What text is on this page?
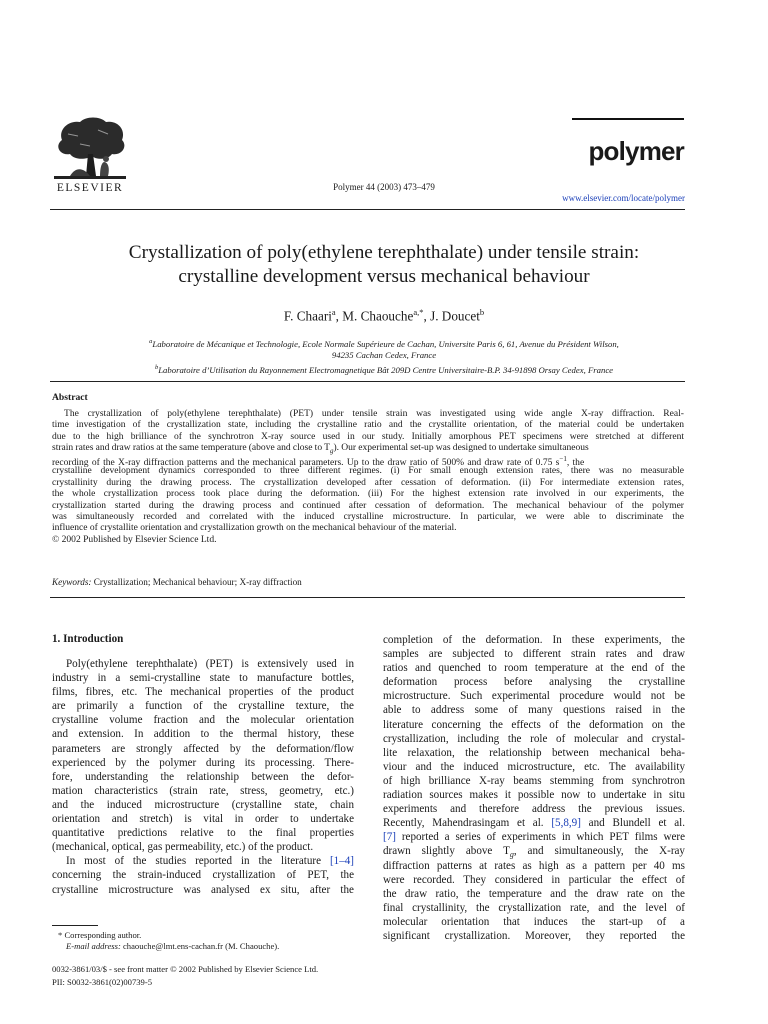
ELSEVIER	Polymer 44 (2003) 473–479
polymer
www.elsevier.com/locate/polymer
Crystallization of poly(ethylene terephthalate) under tensile strain:
crystalline development versus mechanical behaviour
F. Chaari$^a$, M. Chaouche$^{a,*}$, J. Doucet$^b$
$^a$Laboratoire de Mécanique et Technologie, Ecole Normale Supérieure de Cachan, Universite Paris 6, 61, Avenue du Président Wilson,
94235 Cachan Cedex, France
$^b$Laboratoire d’Utilisation du Rayonnement Electromagnetique Bât 209D Centre Universitaire-B.P. 34-91898 Orsay Cedex, France
Abstract
The crystallization of poly(ethylene terephthalate) (PET) under tensile strain was investigated using wide angle X-ray diffraction. Real-
time investigation of the crystallization state, including the crystalline ratio and the crystallite orientation, of the material could be undertaken
due to the high brilliance of the synchrotron X-ray source used in our study. Initially amorphous PET specimens were stretched at different
strain rates and draw ratios at the same temperature (above and close to $T_g$). Our experimental set-up was designed to undertake simultaneous
recording of the X-ray diffraction patterns and the mechanical parameters. Up to the draw ratio of 500% and draw rate of 0.75 $s^{-1}$, the
crystalline development dynamics corresponded to three different regimes. (i) For small enough extension rates, there was no measurable
crystallinity during the drawing process. The crystallization developed after cessation of deformation. (ii) For intermediate extension rates,
the whole crystallization process took place during the deformation. (iii) For the highest extension rate involved in our experiments, the
crystallization started during the drawing process and continued after cessation of deformation. The mechanical behaviour of the polymer
was simultaneously recorded and correlated with the induced crystalline microstructure. In particular, we were able to discriminate the
influence of crystallite orientation and crystallization growth on the mechanical behaviour of the material.
© 2002 Published by Elsevier Science Ltd.
Keywords: Crystallization; Mechanical behaviour; X-ray diffraction
1. Introduction
Poly(ethylene terephthalate) (PET) is extensively used in
industry in a semi-crystalline state to manufacture bottles,
films, fibres, etc. The mechanical properties of the product
are primarily a function of the crystalline texture, the
crystalline volume fraction and the molecular orientation
and extension. In addition to the thermal history, these
parameters are strongly affected by the deformation/flow
experienced by the polymer during its processing. There-
fore, understanding the relationship between the defor-
mation characteristics (strain rate, stress, geometry, etc.)
and the induced microstructure (crystalline state, chain
orientation and stretch) is vital in order to undertake
quantitative predictions relative to the final properties
(mechanical, optical, gas permeability, etc.) of the product.
In most of the studies reported in the literature [1–4]
concerning the strain-induced crystallization of PET, the
crystalline microstructure was analysed ex situ, after the
completion of the deformation. In these experiments, the
samples are subjected to different strain rates and draw
ratios and quenched to room temperature at the end of the
deformation process before analysing the crystalline
microstructure. Such experimental procedure would not be
able to address some of many questions raised in the
literature concerning the effects of the deformation on the
crystallization, including the role of molecular and crystal-
lite relaxation, the relationship between mechanical beha-
viour and the induced microstructure, etc. The availability
of high brilliance X-ray beams stemming from synchrotron
radiation sources makes it possible now to undertake in situ
experiments and therefore address the previous issues.
Recently, Mahendrasingam et al. [5,8,9] and Blundell et al.
[7] reported a series of experiments in which PET films were
drawn slightly above $T_g$, and simultaneously, the X-ray
diffraction patterns at rates as high as a pattern per 40 ms
were recorded. They considered in particular the effect of
the draw ratio, the temperature and the draw rate on the
final crystallinity, the crystallization rate, and the level of
molecular orientation that induces the start-up of a
significant crystallization. Moreover, they reported the
* Corresponding author.
E-mail address: chaouche@lmt.ens-cachan.fr (M. Chaouche).
0032-3861/03/$ - see front matter © 2002 Published by Elsevier Science Ltd.
PII: S0032-3861(02)00739-5
